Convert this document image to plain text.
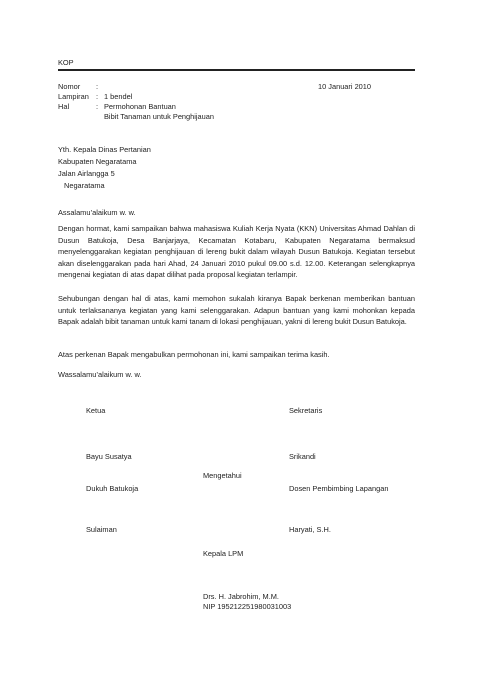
KOP
Nomor :	10 Januari 2010
Lampiran : 1 bendel
Hal	: Permohonan Bantuan
Bibit Tanaman untuk Penghijauan
Yth. Kepala Dinas Pertanian
Kabupaten Negaratama
Jalan Airlangga 5
Negaratama
Assalamu’alaikum w. w.
Dengan hormat, kami sampaikan bahwa mahasiswa Kuliah Kerja Nyata (KKN) Universitas Ahmad Dahlan di Dusun Batukoja, Desa Banjarjaya, Kecamatan Kotabaru, Kabupaten Negaratama bermaksud menyelenggarakan kegiatan penghijauan di lereng bukit dalam wilayah Dusun Batukoja. Kegiatan tersebut akan diselenggarakan pada hari Ahad, 24 Januari 2010 pukul 09.00 s.d. 12.00. Keterangan selengkapnya mengenai kegiatan di atas dapat dilihat pada proposal kegiatan terlampir.
Sehubungan dengan hal di atas, kami memohon sukalah kiranya Bapak berkenan memberikan bantuan untuk terlaksananya kegiatan yang kami selenggarakan. Adapun bantuan yang kami mohonkan kepada Bapak adalah bibit tanaman untuk kami tanam di lokasi penghijauan, yakni di lereng bukit Dusun Batukoja.
Atas perkenan Bapak mengabulkan permohonan ini, kami sampaikan terima kasih.
Wassalamu’alaikum w. w.
Ketua	Sekretaris
Bayu Susatya	Srikandi
Mengetahui
Dukuh Batukoja	Dosen Pembimbing Lapangan
Sulaiman	Haryati, S.H.
Kepala LPM
Drs. H. Jabrohim, M.M.
NIP 195212251980031003
